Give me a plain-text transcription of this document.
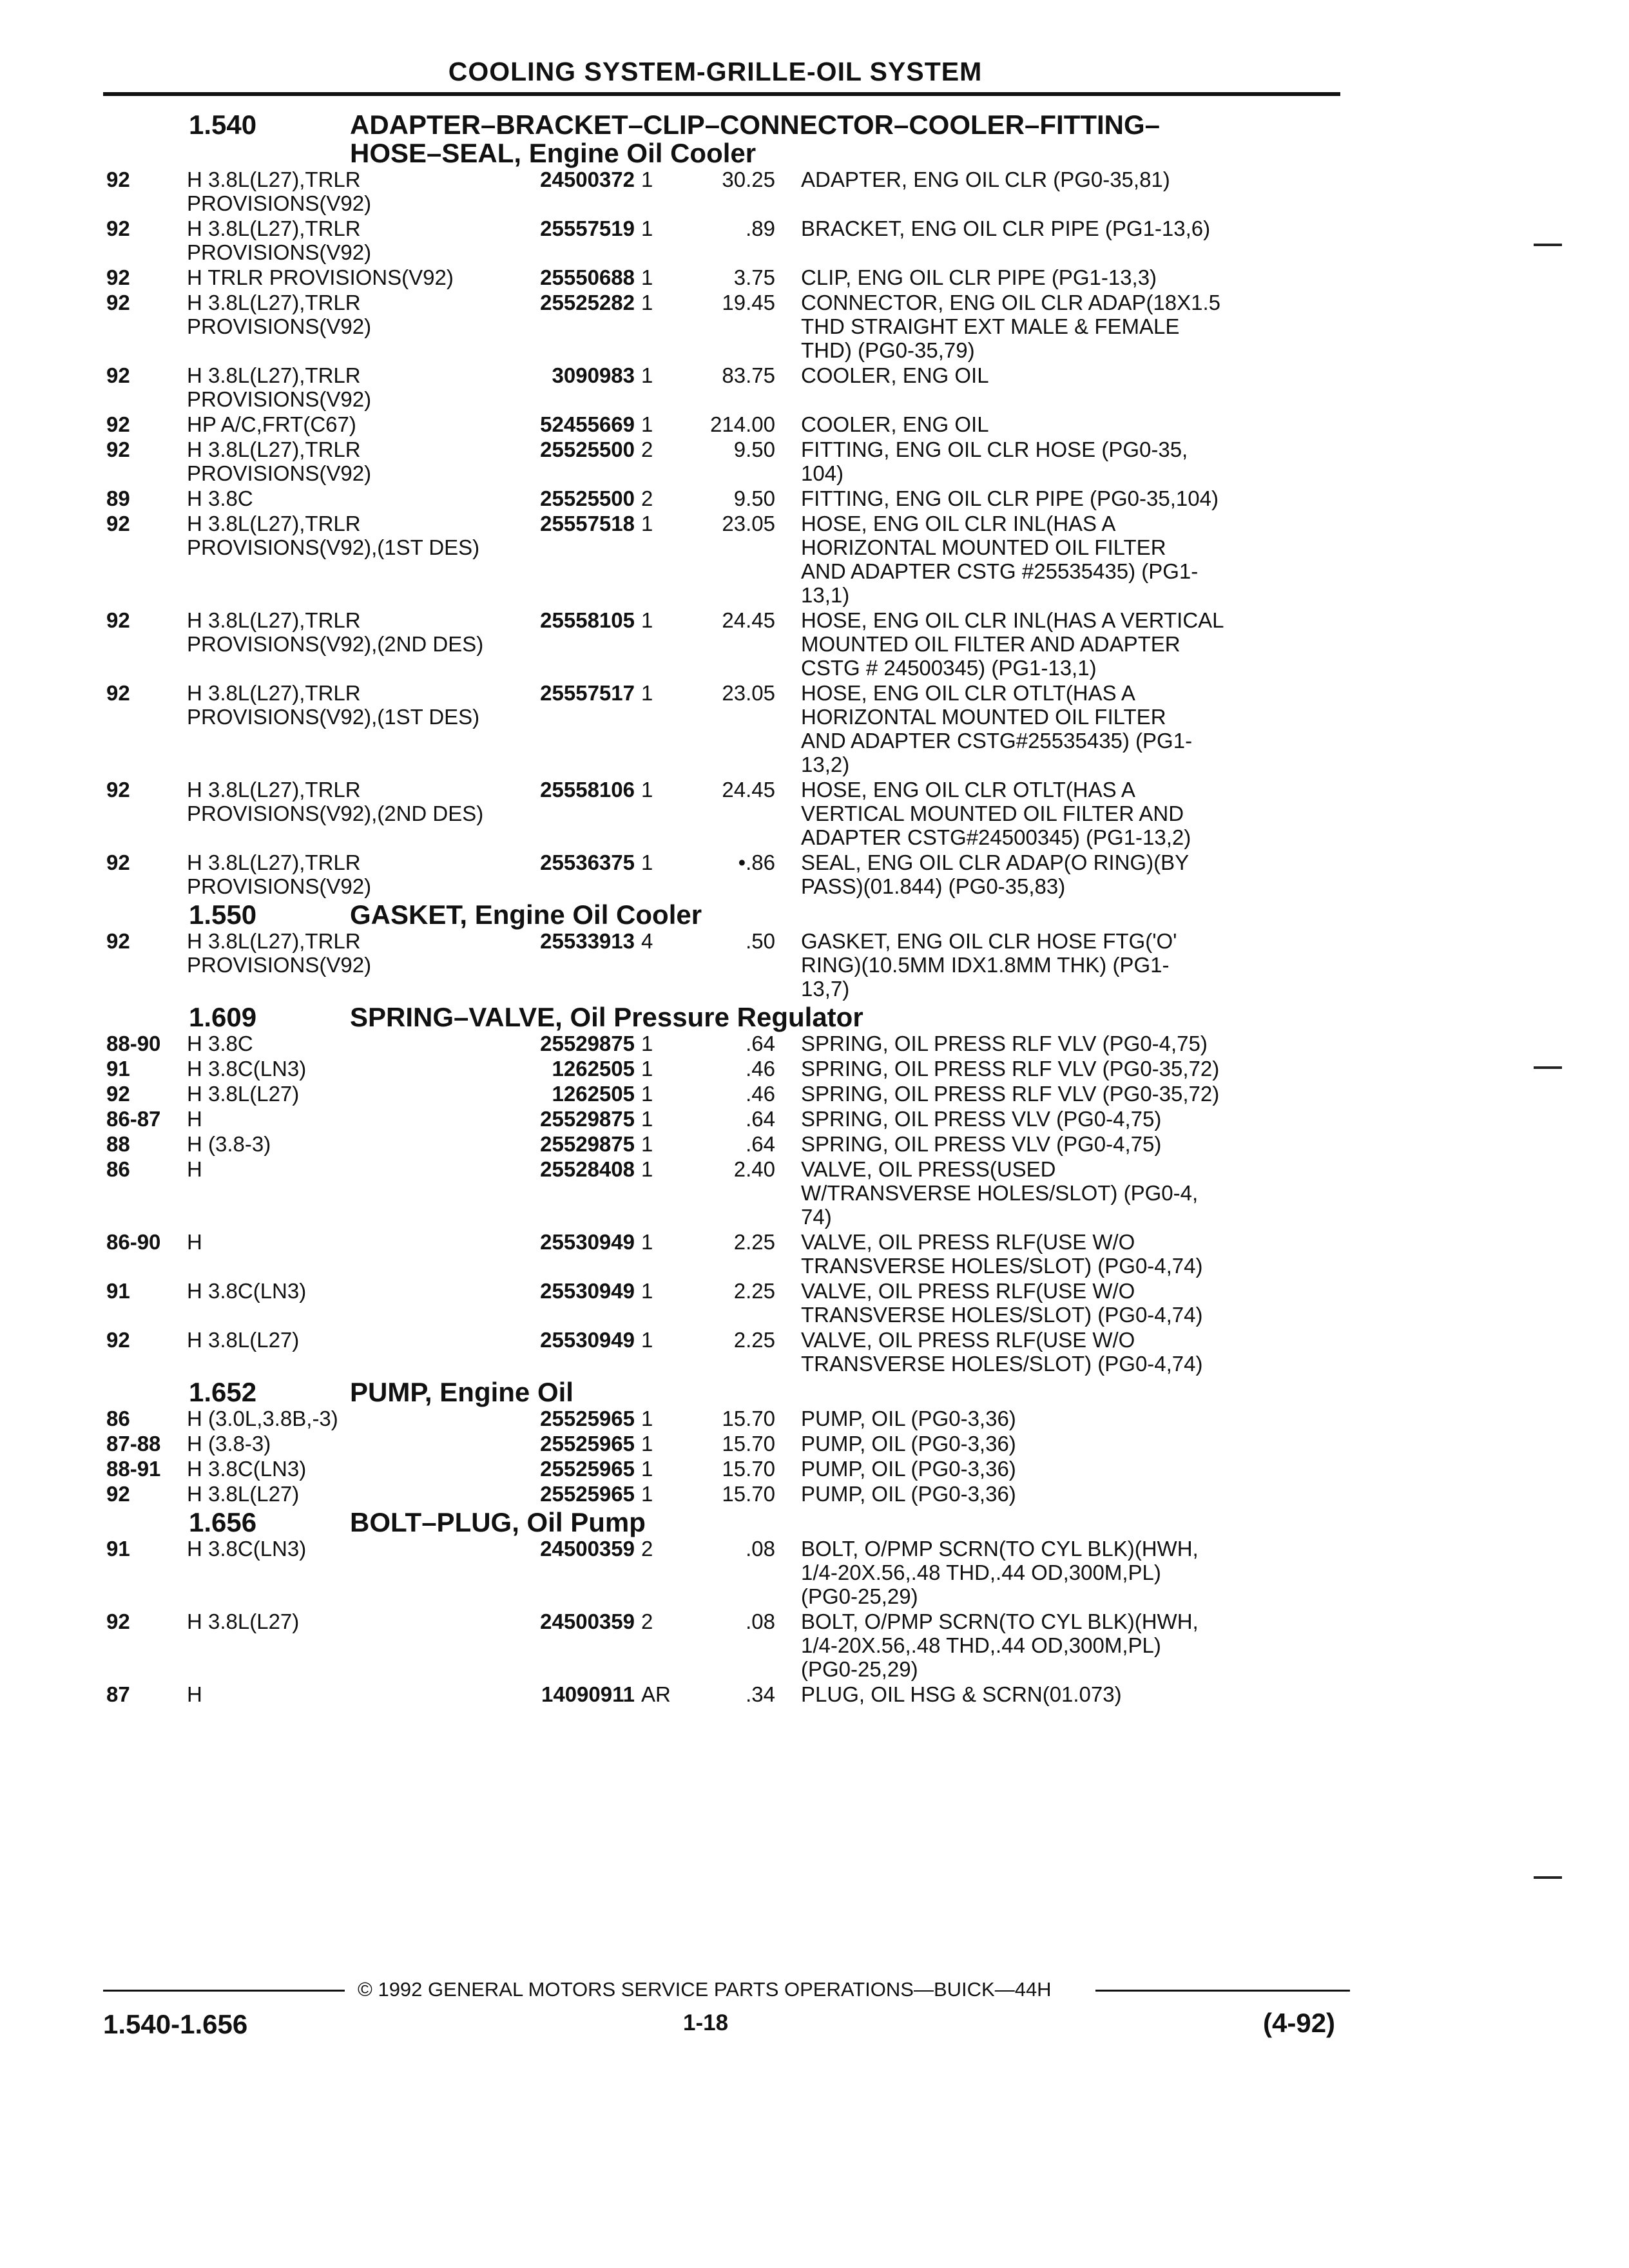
COOLING SYSTEM-GRILLE-OIL SYSTEM
1.540	ADAPTER–BRACKET–CLIP–CONNECTOR–COOLER–FITTING–
HOSE–SEAL, Engine Oil Cooler
92	H 3.8L(L27),TRLR
PROVISIONS(V92)
24500372 1	30.25 ADAPTER, ENG OIL CLR (PG0-35,81)
92	H 3.8L(L27),TRLR
PROVISIONS(V92)
25557519 1	.89 BRACKET, ENG OIL CLR PIPE (PG1-13,6)
92	H TRLR PROVISIONS(V92)	25550688 1	3.75 CLIP, ENG OIL CLR PIPE (PG1-13,3)
92	H 3.8L(L27),TRLR
PROVISIONS(V92)
25525282 1	19.45 CONNECTOR, ENG OIL CLR ADAP(18X1.5
THD STRAIGHT EXT MALE & FEMALE
THD) (PG0-35,79)
92	H 3.8L(L27),TRLR
PROVISIONS(V92)
3090983 1	83.75 COOLER, ENG OIL
92	HP A/C,FRT(C67)	52455669 1	214.00 COOLER, ENG OIL
92	H 3.8L(L27),TRLR
PROVISIONS(V92)
25525500 2	9.50 FITTING, ENG OIL CLR HOSE (PG0-35,
104)
89	H 3.8C	25525500 2	9.50 FITTING, ENG OIL CLR PIPE (PG0-35,104)
92	H 3.8L(L27),TRLR
PROVISIONS(V92),(1ST DES)
25557518 1	23.05 HOSE, ENG OIL CLR INL(HAS A
HORIZONTAL MOUNTED OIL FILTER
AND ADAPTER CSTG #25535435) (PG1-
13,1)
92	H 3.8L(L27),TRLR
PROVISIONS(V92),(2ND DES)
25558105 1	24.45 HOSE, ENG OIL CLR INL(HAS A VERTICAL
MOUNTED OIL FILTER AND ADAPTER
CSTG # 24500345) (PG1-13,1)
92	H 3.8L(L27),TRLR
PROVISIONS(V92),(1ST DES)
25557517 1	23.05 HOSE, ENG OIL CLR OTLT(HAS A
HORIZONTAL MOUNTED OIL FILTER
AND ADAPTER CSTG#25535435) (PG1-
13,2)
92	H 3.8L(L27),TRLR
PROVISIONS(V92),(2ND DES)
25558106 1	24.45 HOSE, ENG OIL CLR OTLT(HAS A
VERTICAL MOUNTED OIL FILTER AND
ADAPTER CSTG#24500345) (PG1-13,2)
92	H 3.8L(L27),TRLR
PROVISIONS(V92)
25536375 1	•.86 SEAL, ENG OIL CLR ADAP(O RING)(BY
PASS)(01.844) (PG0-35,83)
1.550	GASKET, Engine Oil Cooler
92	H 3.8L(L27),TRLR
PROVISIONS(V92)
25533913 4	.50 GASKET, ENG OIL CLR HOSE FTG('O'
RING)(10.5MM IDX1.8MM THK) (PG1-
13,7)
1.609	SPRING–VALVE, Oil Pressure Regulator
88-90	H 3.8C	25529875 1	.64 SPRING, OIL PRESS RLF VLV (PG0-4,75)
91	H 3.8C(LN3)	1262505 1	.46 SPRING, OIL PRESS RLF VLV (PG0-35,72)
92	H 3.8L(L27)	1262505 1	.46 SPRING, OIL PRESS RLF VLV (PG0-35,72)
86-87	H	25529875 1	.64 SPRING, OIL PRESS VLV (PG0-4,75)
88	H (3.8-3)	25529875 1	.64 SPRING, OIL PRESS VLV (PG0-4,75)
86	H	25528408 1	2.40 VALVE, OIL PRESS(USED
W/TRANSVERSE HOLES/SLOT) (PG0-4,
74)
86-90	H	25530949 1	2.25 VALVE, OIL PRESS RLF(USE W/O
TRANSVERSE HOLES/SLOT) (PG0-4,74)
91	H 3.8C(LN3)	25530949 1	2.25 VALVE, OIL PRESS RLF(USE W/O
TRANSVERSE HOLES/SLOT) (PG0-4,74)
92	H 3.8L(L27)	25530949 1	2.25 VALVE, OIL PRESS RLF(USE W/O
TRANSVERSE HOLES/SLOT) (PG0-4,74)
1.652	PUMP, Engine Oil
86	H (3.0L,3.8B,-3)	25525965 1	15.70 PUMP, OIL (PG0-3,36)
87-88	H (3.8-3)	25525965 1	15.70 PUMP, OIL (PG0-3,36)
88-91	H 3.8C(LN3)	25525965 1	15.70 PUMP, OIL (PG0-3,36)
92	H 3.8L(L27)	25525965 1	15.70 PUMP, OIL (PG0-3,36)
1.656	BOLT–PLUG, Oil Pump
91	H 3.8C(LN3)	24500359 2	.08 BOLT, O/PMP SCRN(TO CYL BLK)(HWH,
1/4-20X.56,.48 THD,.44 OD,300M,PL)
(PG0-25,29)
92	H 3.8L(L27)	24500359 2	.08 BOLT, O/PMP SCRN(TO CYL BLK)(HWH,
1/4-20X.56,.48 THD,.44 OD,300M,PL)
(PG0-25,29)
87	H	14090911 AR	.34 PLUG, OIL HSG & SCRN(01.073)
© 1992 GENERAL MOTORS SERVICE PARTS OPERATIONS—BUICK—44H
1.540-1.656	1-18	(4-92)
